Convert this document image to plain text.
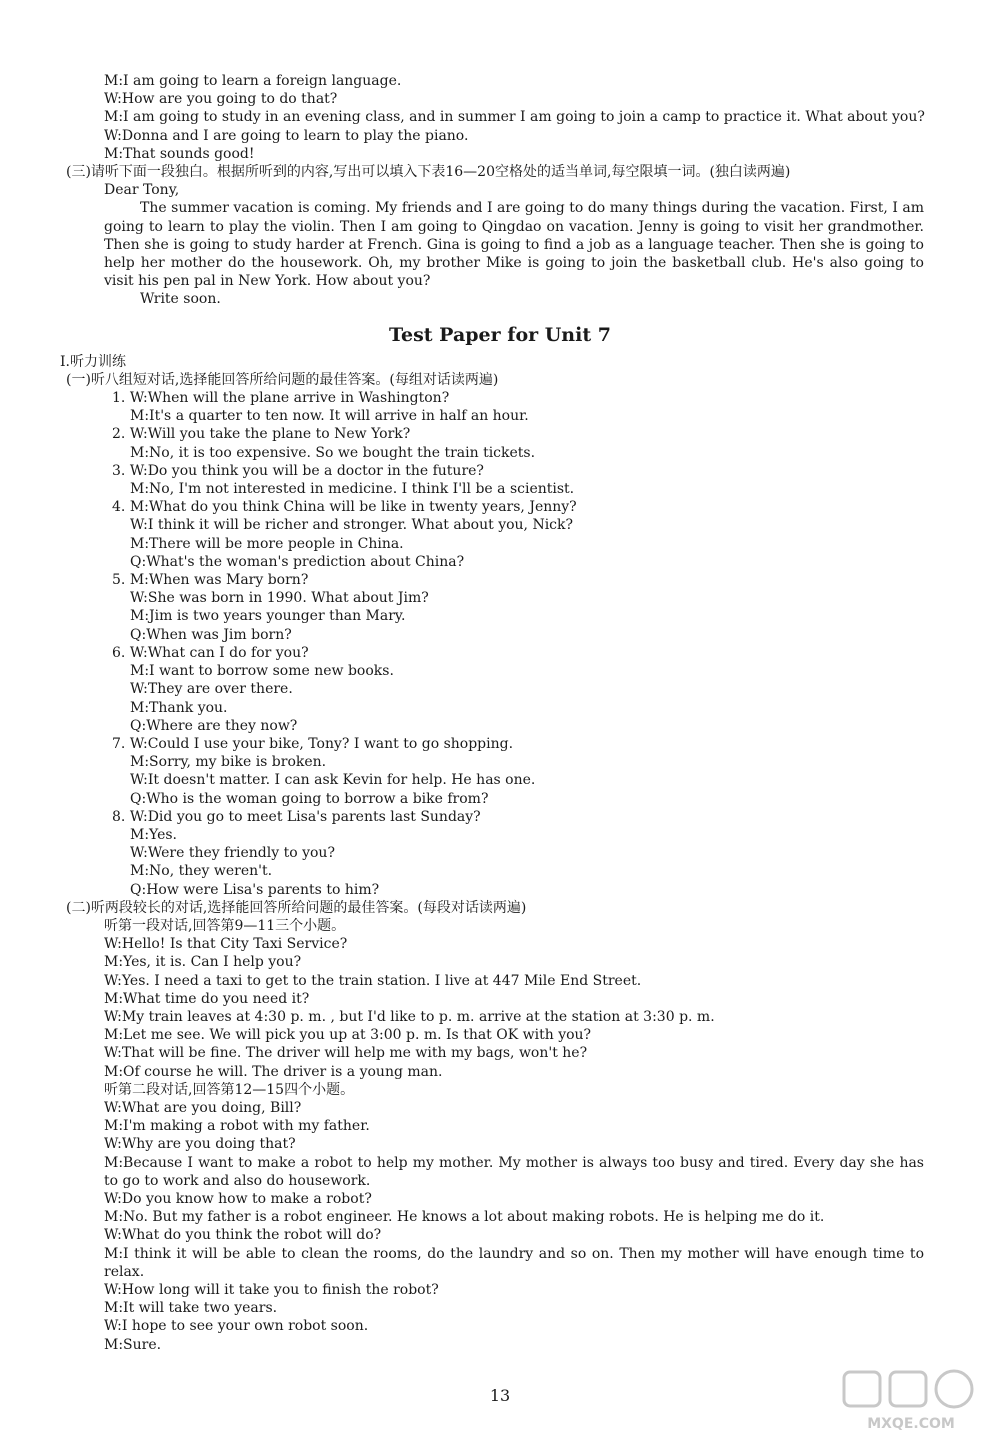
M:I am going to learn a foreign language.

W:How are you going to do that?

M:I am going to study in an evening class, and in summer I am going to join a camp to practice it. What about you?

W:Donna and I are going to learn to play the piano.

M:That sounds good!

(三)请听下面一段独白。根据所听到的内容,写出可以填入下表16—20空格处的适当单词,每空限填一词。(独白读两遍)

Dear Tony,

The summer vacation is coming. My friends and I are going to do many things during the vacation. First, I am going to learn to play the violin. Then I am going to Qingdao on vacation. Jenny is going to visit her grandmother. Then she is going to study harder at French. Gina is going to find a job as a language teacher. Then she is going to help her mother do the housework. Oh, my brother Mike is going to join the basketball club. He's also going to visit his pen pal in New York. How about you?

Write soon.

Test Paper for Unit 7

Ⅰ.听力训练

(一)听八组短对话,选择能回答所给问题的最佳答案。(每组对话读两遍)

1. W:When will the plane arrive in Washington?

M:It's a quarter to ten now. It will arrive in half an hour.

2. W:Will you take the plane to New York?

M:No, it is too expensive. So we bought the train tickets.

3. W:Do you think you will be a doctor in the future?

M:No, I'm not interested in medicine. I think I'll be a scientist.

4. M:What do you think China will be like in twenty years, Jenny?

W:I think it will be richer and stronger. What about you, Nick?

M:There will be more people in China.

Q:What's the woman's prediction about China?

5. M:When was Mary born?

W:She was born in 1990. What about Jim?

M:Jim is two years younger than Mary.

Q:When was Jim born?

6. W:What can I do for you?

M:I want to borrow some new books.

W:They are over there.

M:Thank you.

Q:Where are they now?

7. W:Could I use your bike, Tony? I want to go shopping.

M:Sorry, my bike is broken.

W:It doesn't matter. I can ask Kevin for help. He has one.

Q:Who is the woman going to borrow a bike from?

8. W:Did you go to meet Lisa's parents last Sunday?

M:Yes.

W:Were they friendly to you?

M:No, they weren't.

Q:How were Lisa's parents to him?

(二)听两段较长的对话,选择能回答所给问题的最佳答案。(每段对话读两遍)

听第一段对话,回答第9—11三个小题。

W:Hello! Is that City Taxi Service?

M:Yes, it is. Can I help you?

W:Yes. I need a taxi to get to the train station. I live at 447 Mile End Street.

M:What time do you need it?

W:My train leaves at 4:30 p. m. , but I'd like to p. m. arrive at the station at 3:30 p. m.

M:Let me see. We will pick you up at 3:00 p. m. Is that OK with you?

W:That will be fine. The driver will help me with my bags, won't he?

M:Of course he will. The driver is a young man.

听第二段对话,回答第12—15四个小题。

W:What are you doing, Bill?

M:I'm making a robot with my father.

W:Why are you doing that?

M:Because I want to make a robot to help my mother. My mother is always too busy and tired. Every day she has to go to work and also do housework.

W:Do you know how to make a robot?

M:No. But my father is a robot engineer. He knows a lot about making robots. He is helping me do it.

W:What do you think the robot will do?

M:I think it will be able to clean the rooms, do the laundry and so on. Then my mother will have enough time to relax.

W:How long will it take you to finish the robot?

M:It will take two years.

W:I hope to see your own robot soon.

M:Sure.

13
MXQE.COM
